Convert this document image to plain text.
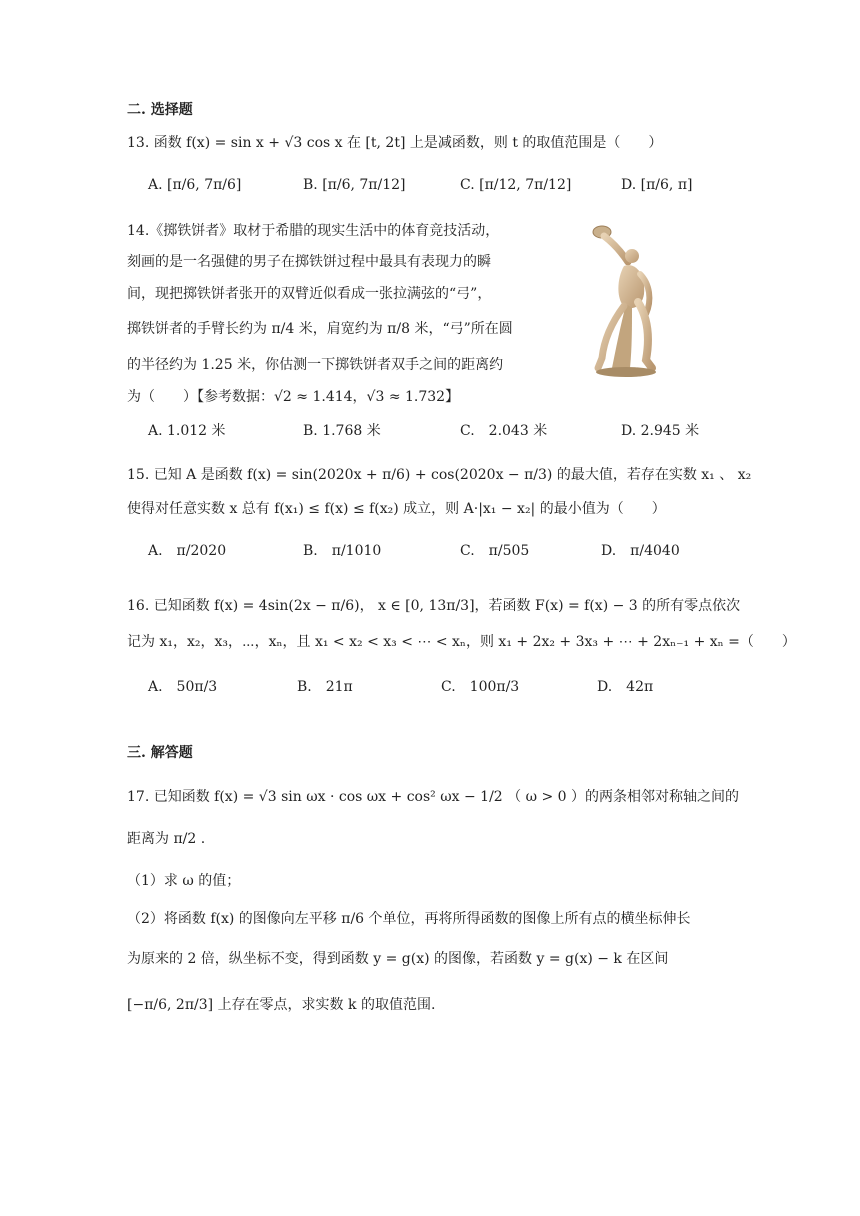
二. 选择题
13. 函数 f(x) = sin x + √3 cos x 在 [t, 2t] 上是减函数，则 t 的取值范围是（　　）
A. [π/6, 7π/6]	B. [π/6, 7π/12]	C. [π/12, 7π/12]	D. [π/6, π]
14.《掷铁饼者》取材于希腊的现实生活中的体育竞技活动，
刻画的是一名强健的男子在掷铁饼过程中最具有表现力的瞬
间，现把掷铁饼者张开的双臂近似看成一张拉满弦的“弓”，
掷铁饼者的手臂长约为 π/4 米，肩宽约为 π/8 米，“弓”所在圆
的半径约为 1.25 米，你估测一下掷铁饼者双手之间的距离约
为（　　）【参考数据：√2 ≈ 1.414，√3 ≈ 1.732】
A. 1.012 米	B. 1.768 米	C.　2.043 米	D. 2.945 米
15. 已知 A 是函数 f(x) = sin(2020x + π/6) + cos(2020x − π/3) 的最大值，若存在实数 x₁ 、 x₂
使得对任意实数 x 总有 f(x₁) ≤ f(x) ≤ f(x₂) 成立，则 A·|x₁ − x₂| 的最小值为（　　）
A.　π/2020	B.　π/1010	C.　π/505	D.　π/4040
16. 已知函数 f(x) = 4sin(2x − π/6)， x ∈ [0, 13π/3]，若函数 F(x) = f(x) − 3 的所有零点依次
记为 x₁，x₂，x₃，⋯，xₙ，且 x₁ < x₂ < x₃ < ⋯ < xₙ，则 x₁ + 2x₂ + 3x₃ + ⋯ + 2xₙ₋₁ + xₙ =（　　）
A.　50π/3	B.　21π	C.　100π/3	D.　42π
三. 解答题
17. 已知函数 f(x) = √3 sin ωx · cos ωx + cos² ωx − 1/2 （ ω > 0 ）的两条相邻对称轴之间的
距离为 π/2 .
（1）求 ω 的值；
（2）将函数 f(x) 的图像向左平移 π/6 个单位，再将所得函数的图像上所有点的横坐标伸长
为原来的 2 倍，纵坐标不变，得到函数 y = g(x) 的图像，若函数 y = g(x) − k 在区间
[−π/6, 2π/3] 上存在零点，求实数 k 的取值范围.
